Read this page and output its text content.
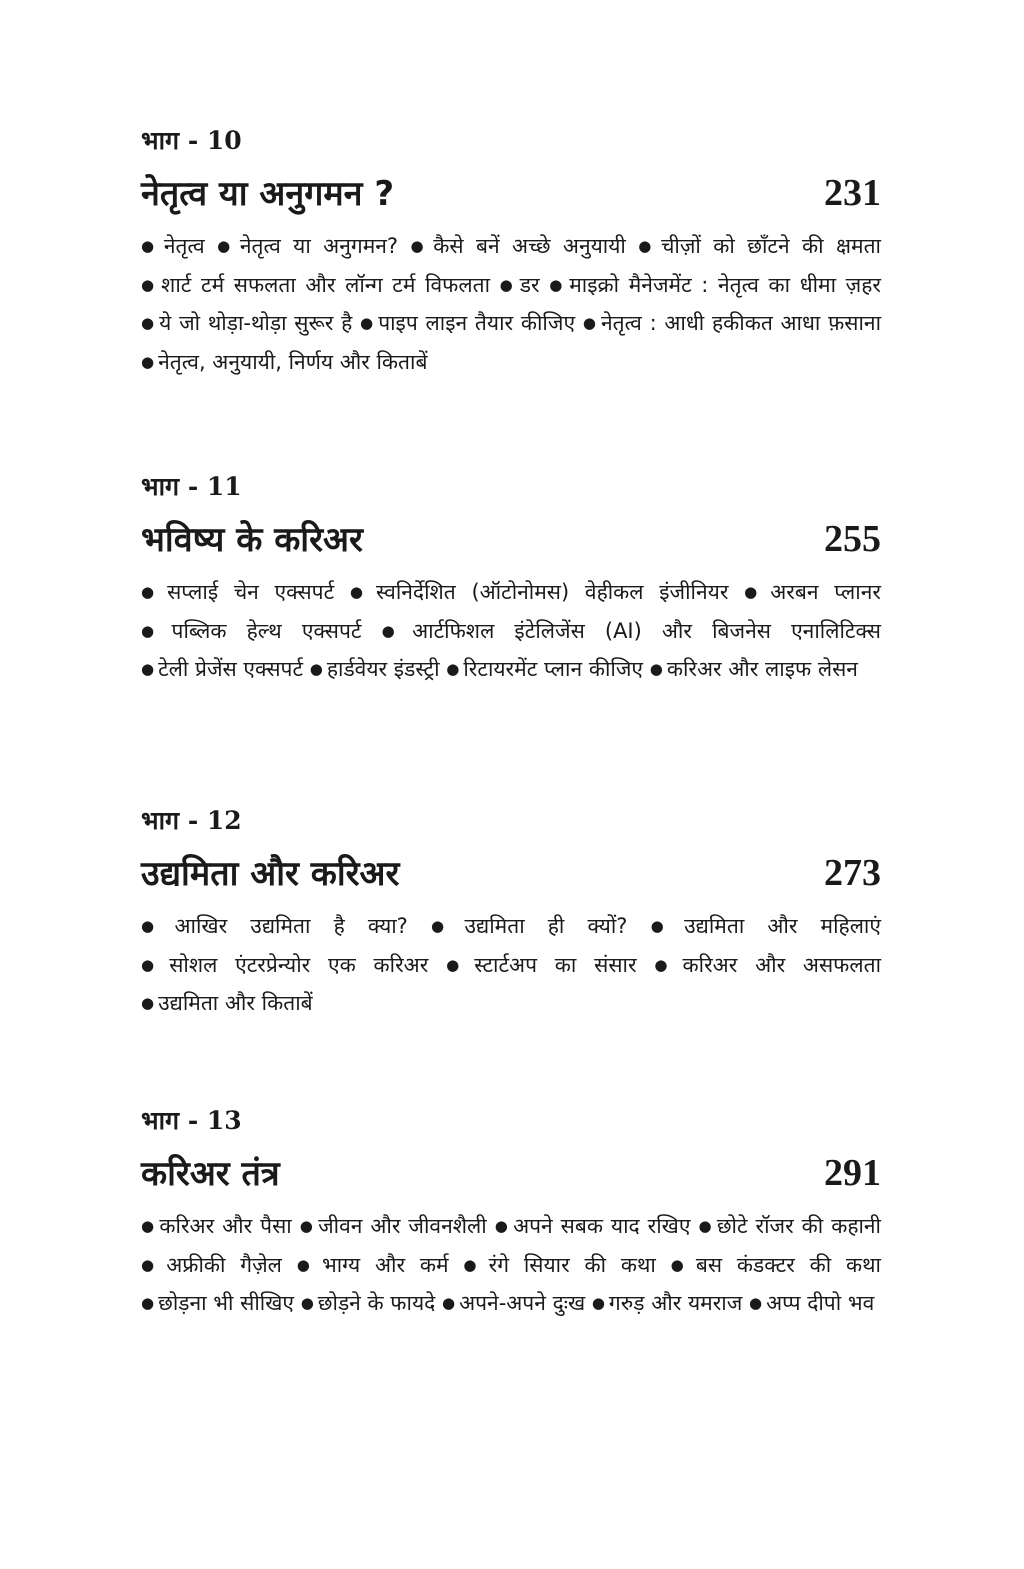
भाग - 10
नेतृत्व या अनुगमन ?	231
● नेतृत्व ● नेतृत्व या अनुगमन? ● कैसे बनें अच्छे अनुयायी ● चीज़ों को छाँटने की क्षमता ● शार्ट टर्म सफलता और लॉन्ग टर्म विफलता ● डर ● माइक्रो मैनेजमेंट : नेतृत्व का धीमा ज़हर ● ये जो थोड़ा-थोड़ा सुरूर है ● पाइप लाइन तैयार कीजिए ● नेतृत्व : आधी हकीकत आधा फ़साना ● नेतृत्व, अनुयायी, निर्णय और किताबें
भाग - 11
भविष्य के करिअर	255
● सप्लाई चेन एक्सपर्ट ● स्वनिर्देशित (ऑटोनोमस) वेहीकल इंजीनियर ● अरबन प्लानर ● पब्लिक हेल्थ एक्सपर्ट ● आर्टफिशल इंटेलिजेंस (AI) और बिजनेस एनालिटिक्स ● टेली प्रेजेंस एक्सपर्ट ● हार्डवेयर इंडस्ट्री ● रिटायरमेंट प्लान कीजिए ● करिअर और लाइफ लेसन
भाग - 12
उद्यमिता और करिअर	273
● आखिर उद्यमिता है क्या? ● उद्यमिता ही क्यों? ● उद्यमिता और महिलाएं ● सोशल एंटरप्रेन्योर एक करिअर ● स्टार्टअप का संसार ● करिअर और असफलता ● उद्यमिता और किताबें
भाग - 13
करिअर तंत्र	291
● करिअर और पैसा ● जीवन और जीवनशैली ● अपने सबक याद रखिए ● छोटे रॉजर की कहानी ● अफ्रीकी गैज़ेल ● भाग्य और कर्म ● रंगे सियार की कथा ● बस कंडक्टर की कथा ● छोड़ना भी सीखिए ● छोड़ने के फायदे ● अपने-अपने दुःख ● गरुड़ और यमराज ● अप्प दीपो भव
